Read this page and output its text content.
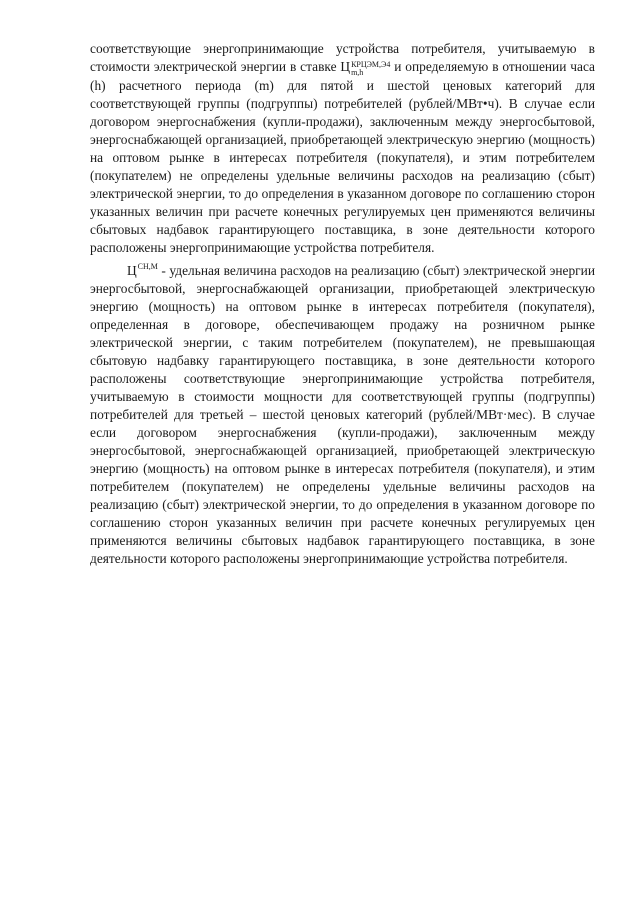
соответствующие энергопринимающие устройства потребителя, учитываемую в стоимости электрической энергии в ставке Ц КРЦЭМ,Э4
m,h	и определяемую в отношении часа (h) расчетного периода (m) для пятой и шестой ценовых категорий для соответствующей группы (подгруппы) потребителей (рублей/МВт•ч). В случае если договором энергоснабжения (купли-продажи), заключенным между энергосбытовой, энергоснабжающей организацией, приобретающей электрическую энергию (мощность) на оптовом рынке в интересах потребителя (покупателя), и этим потребителем (покупателем) не определены удельные величины расходов на реализацию (сбыт) электрической энергии, то до определения в указанном договоре по соглашению сторон указанных величин при расчете конечных регулируемых цен применяются величины сбытовых надбавок гарантирующего поставщика, в зоне деятельности которого расположены энергопринимающие устройства потребителя.

$Ц^{СН,М}$ - удельная величина расходов на реализацию (сбыт) электрической энергии энергосбытовой, энергоснабжающей организации, приобретающей электрическую энергию (мощность) на оптовом рынке в интересах потребителя (покупателя), определенная в договоре, обеспечивающем продажу на розничном рынке электрической энергии, с таким потребителем (покупателем), не превышающая сбытовую надбавку гарантирующего поставщика, в зоне деятельности которого расположены соответствующие энергопринимающие устройства потребителя, учитываемую в стоимости мощности для соответствующей группы (подгруппы) потребителей для третьей – шестой ценовых категорий (рублей/МВт·мес). В случае если договором энергоснабжения (купли-продажи), заключенным между энергосбытовой, энергоснабжающей организацией, приобретающей электрическую энергию (мощность) на оптовом рынке в интересах потребителя (покупателя), и этим потребителем (покупателем) не определены удельные величины расходов на реализацию (сбыт) электрической энергии, то до определения в указанном договоре по соглашению сторон указанных величин при расчете конечных регулируемых цен применяются величины сбытовых надбавок гарантирующего поставщика, в зоне деятельности которого расположены энергопринимающие устройства потребителя.
